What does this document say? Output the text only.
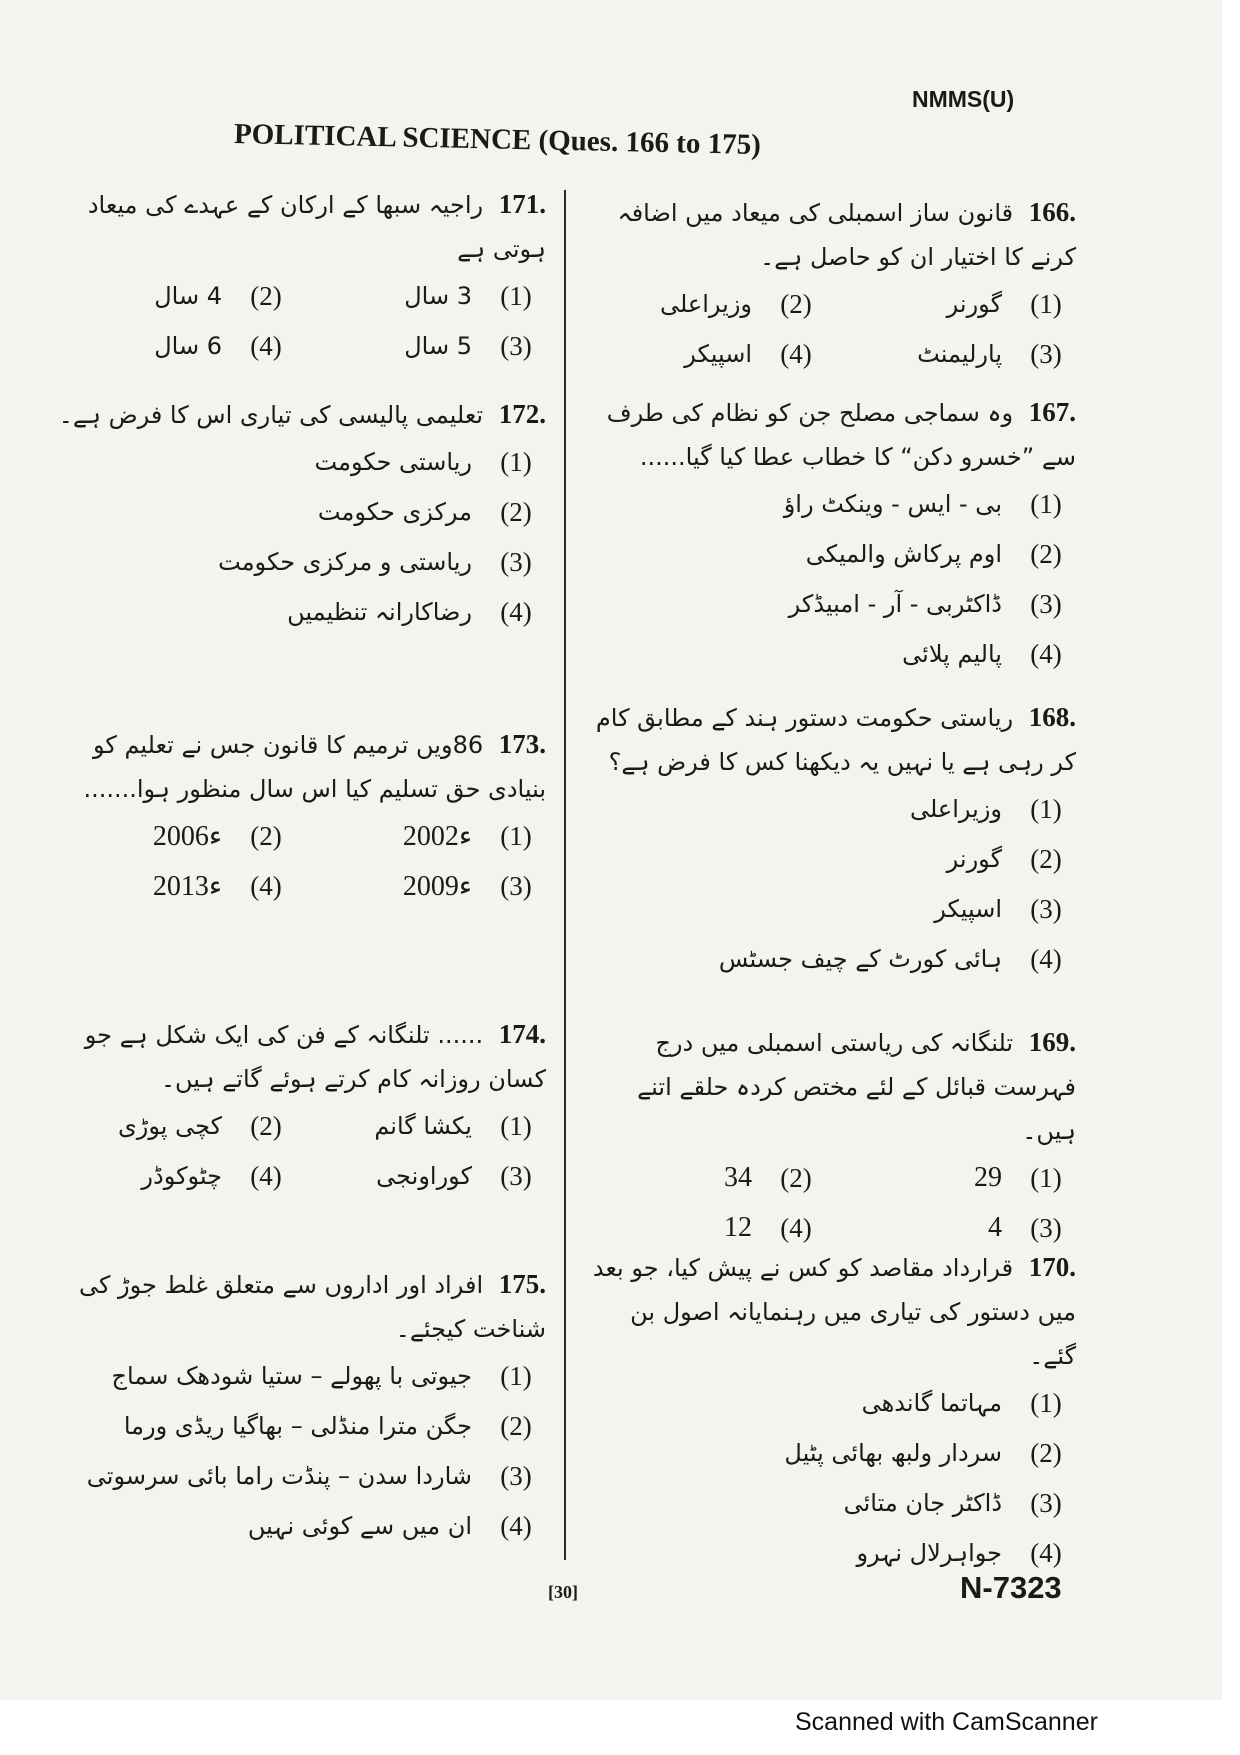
NMMS(U)
POLITICAL SCIENCE (Ques. 166 to 175)
166. قانون ساز اسمبلی کی میعاد میں اضافہ کرنے کا اختیار ان کو حاصل ہے۔
(1)
گورنر
(2)
وزیراعلی
(3)
پارلیمنٹ
(4)
اسپیکر
167. وہ سماجی مصلح جن کو نظام کی طرف سے ”خسرو دکن“ کا خطاب عطا کیا گیا......
(1)
بی - ایس - وینکٹ راؤ
(2)
اوم پرکاش والمیکی
(3)
ڈاکٹربی - آر - امبیڈکر
(4)
پالیم پلائی
168. ریاستی حکومت دستور ہند کے مطابق کام کر رہی ہے یا نہیں یہ دیکھنا کس کا فرض ہے؟
(1)
وزیراعلی
(2)
گورنر
(3)
اسپیکر
(4)
ہائی کورٹ کے چیف جسٹس
169. تلنگانہ کی ریاستی اسمبلی میں درج فہرست قبائل کے لئے مختص کردہ حلقے اتنے ہیں۔
(1)
29
(2)
34
(3)
4
(4)
12
170. قرارداد مقاصد کو کس نے پیش کیا، جو بعد میں دستور کی تیاری میں رہنمایانہ اصول بن گئے۔
(1)
مہاتما گاندھی
(2)
سردار ولبھ بھائی پٹیل
(3)
ڈاکٹر جان متائی
(4)
جواہرلال نہرو
171. راجیہ سبھا کے ارکان کے عہدے کی میعاد ہوتی ہے
(1)
3 سال
(2)
4 سال
(3)
5 سال
(4)
6 سال
172. تعلیمی پالیسی کی تیاری اس کا فرض ہے۔
(1)
ریاستی حکومت
(2)
مرکزی حکومت
(3)
ریاستی و مرکزی حکومت
(4)
رضاکارانہ تنظیمیں
173. 86ویں ترمیم کا قانون جس نے تعلیم کو بنیادی حق تسلیم کیا اس سال منظور ہوا.......
(1)
2002ء
(2)
2006ء
(3)
2009ء
(4)
2013ء
174. ...... تلنگانہ کے فن کی ایک شکل ہے جو کسان روزانہ کام کرتے ہوئے گاتے ہیں۔
(1)
یکشا گانم
(2)
کچی پوڑی
(3)
کوراونجی
(4)
چٹوکوڈر
175. افراد اور اداروں سے متعلق غلط جوڑ کی شناخت کیجئے۔
(1)
جیوتی با پھولے – ستیا شودھک سماج
(2)
جگن مترا منڈلی – بھاگیا ریڈی ورما
(3)
شاردا سدن – پنڈت راما بائی سرسوتی
(4)
ان میں سے کوئی نہیں
[30]	N-7323
Scanned with CamScanner
